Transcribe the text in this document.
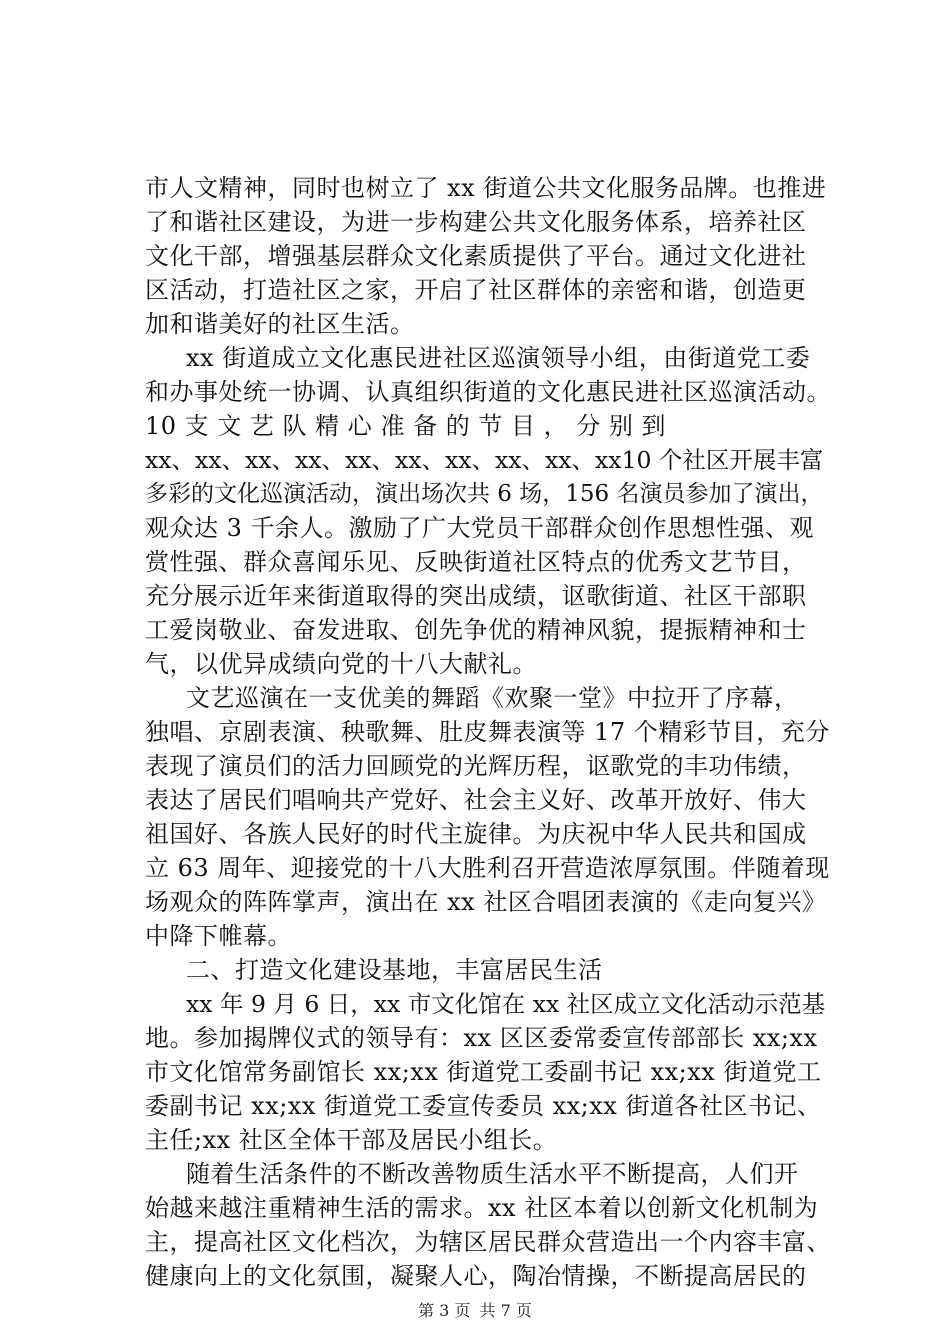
市人文精神，同时也树立了 xx 街道公共文化服务品牌。也推进
了和谐社区建设，为进一步构建公共文化服务体系，培养社区
文化干部，增强基层群众文化素质提供了平台。通过文化进社
区活动，打造社区之家，开启了社区群体的亲密和谐，创造更
加和谐美好的社区生活。
xx 街道成立文化惠民进社区巡演领导小组，由街道党工委
和办事处统一协调、认真组织街道的文化惠民进社区巡演活动。
10 支 文 艺 队 精 心 准 备 的 节 目 ， 分 别 到
xx、xx、xx、xx、xx、xx、xx、xx、xx、xx10 个社区开展丰富
多彩的文化巡演活动，演出场次共 6 场，156 名演员参加了演出，
观众达 3 千余人。激励了广大党员干部群众创作思想性强、观
赏性强、群众喜闻乐见、反映街道社区特点的优秀文艺节目，
充分展示近年来街道取得的突出成绩，讴歌街道、社区干部职
工爱岗敬业、奋发进取、创先争优的精神风貌，提振精神和士
气，以优异成绩向党的十八大献礼。
文艺巡演在一支优美的舞蹈《欢聚一堂》中拉开了序幕，
独唱、京剧表演、秧歌舞、肚皮舞表演等 17 个精彩节目，充分
表现了演员们的活力回顾党的光辉历程，讴歌党的丰功伟绩，
表达了居民们唱响共产党好、社会主义好、改革开放好、伟大
祖国好、各族人民好的时代主旋律。为庆祝中华人民共和国成
立 63 周年、迎接党的十八大胜利召开营造浓厚氛围。伴随着现
场观众的阵阵掌声，演出在 xx 社区合唱团表演的《走向复兴》
中降下帷幕。
二、打造文化建设基地，丰富居民生活
xx 年 9 月 6 日，xx 市文化馆在 xx 社区成立文化活动示范基
地。参加揭牌仪式的领导有：xx 区区委常委宣传部部长 xx;xx
市文化馆常务副馆长 xx;xx 街道党工委副书记 xx;xx 街道党工
委副书记 xx;xx 街道党工委宣传委员 xx;xx 街道各社区书记、
主任;xx 社区全体干部及居民小组长。
随着生活条件的不断改善物质生活水平不断提高，人们开
始越来越注重精神生活的需求。xx 社区本着以创新文化机制为
主，提高社区文化档次，为辖区居民群众营造出一个内容丰富、
健康向上的文化氛围，凝聚人心，陶冶情操，不断提高居民的
第 3 页 共 7 页
